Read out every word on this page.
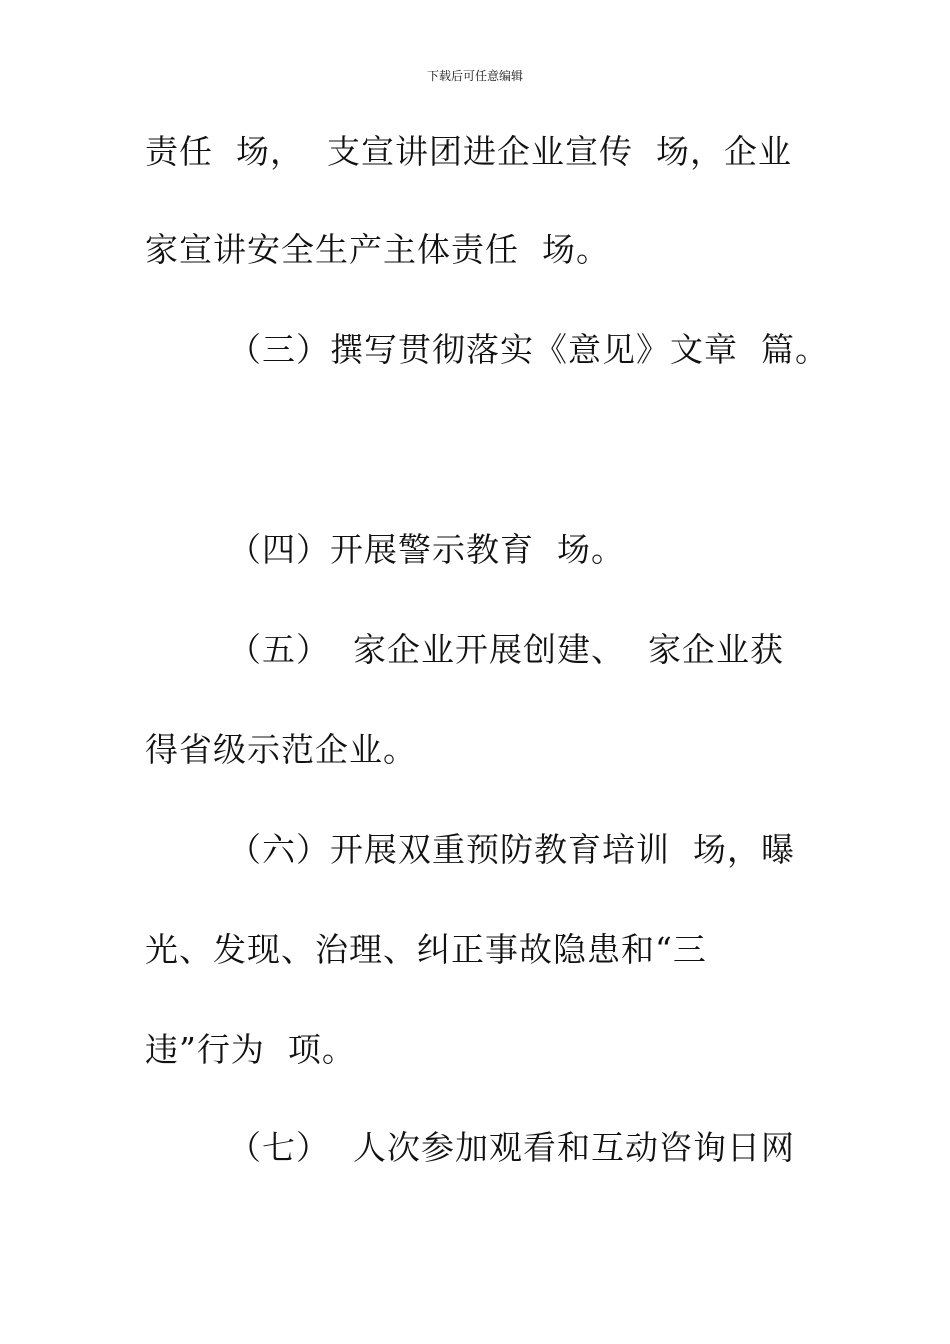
下载后可任意编辑
责任  场，  支宣讲团进企业宣传  场，企业
家宣讲安全生产主体责任  场。
（三）撰写贯彻落实《意见》文章  篇。
（四）开展警示教育  场。
（五）  家企业开展创建、  家企业获
得省级示范企业。
（六）开展双重预防教育培训  场，曝
光、发现、治理、纠正事故隐患和“三
违”行为  项。
（七）  人次参加观看和互动咨询日网
